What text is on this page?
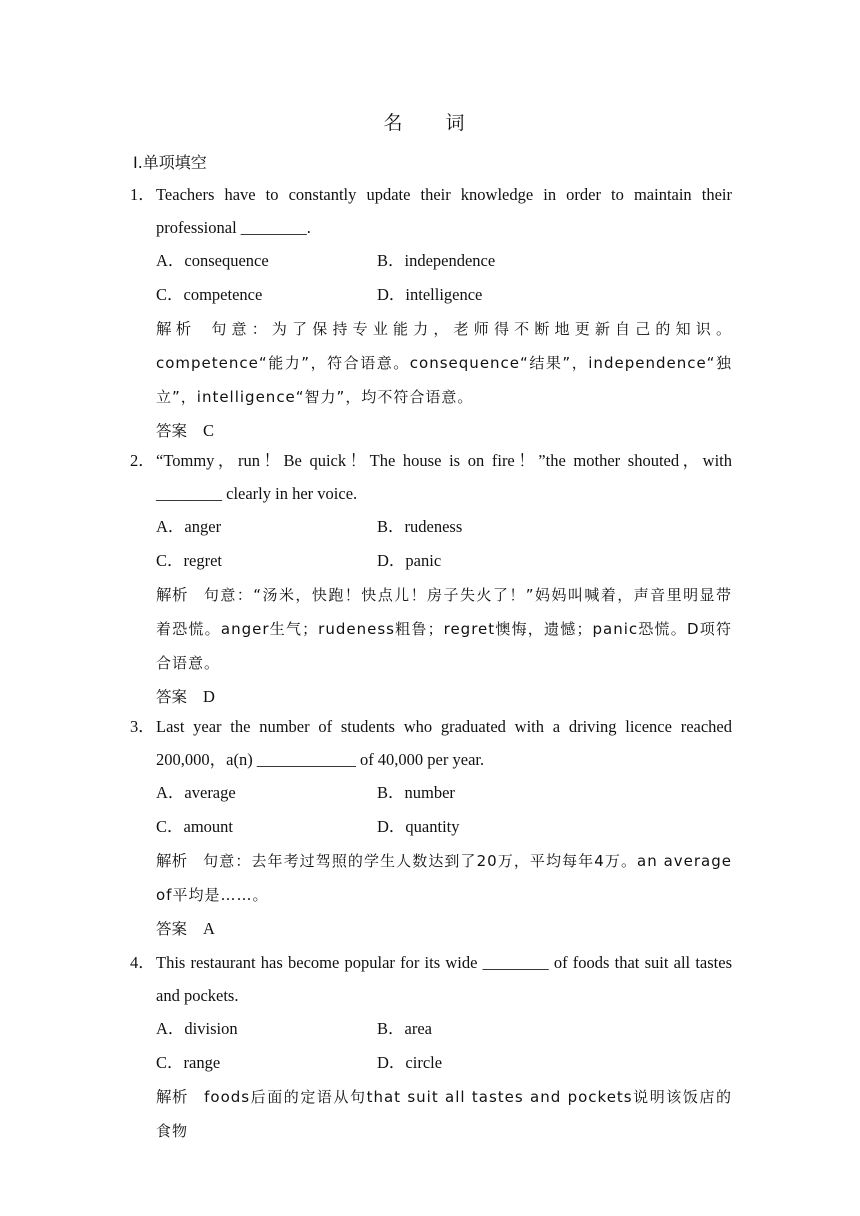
名　词
Ⅰ.单项填空
1． Teachers have to constantly update their knowledge in order to maintain their professional ________.
A．consequence	B．independence
C．competence	D．intelligence
解析 句意：为了保持专业能力，老师得不断地更新自己的知识。competence“能力”，符合语意。consequence“结果”，independence“独立”，intelligence“智力”，均不符合语意。
答案 C
2． “Tommy，run！Be quick！The house is on fire！”the mother shouted，with ________ clearly in her voice.
A．anger	B．rudeness
C．regret	D．panic
解析 句意：“汤米，快跑！快点儿！房子失火了！”妈妈叫喊着，声音里明显带着恐慌。anger生气；rudeness粗鲁；regret懊悔，遗憾；panic恐慌。D项符合语意。
答案 D
3． Last year the number of students who graduated with a driving licence reached 200,000，a(n) ____________ of 40,000 per year.
A．average	B．number
C．amount	D．quantity
解析 句意：去年考过驾照的学生人数达到了20万，平均每年4万。an average of平均是……。
答案 A
4． This restaurant has become popular for its wide ________ of foods that suit all tastes and pockets.
A．division	B．area
C．range	D．circle
解析 foods后面的定语从句that suit all tastes and pockets说明该饭店的食物
